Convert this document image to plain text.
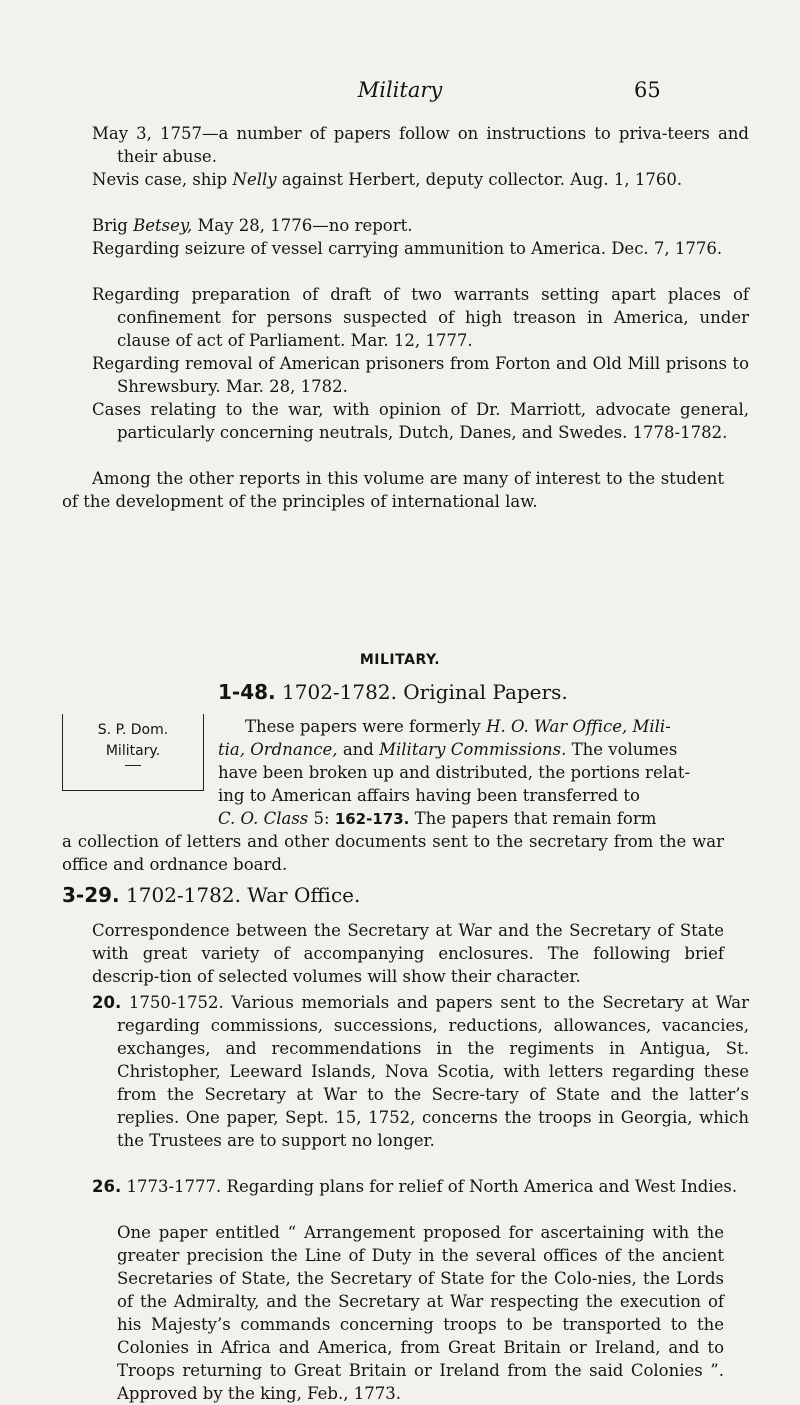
Military	65
May 3, 1757—a number of papers follow on instructions to priva-teers and their abuse.
Nevis case, ship Nelly against Herbert, deputy collector. Aug. 1, 1760.
Brig Betsey, May 28, 1776—no report.
Regarding seizure of vessel carrying ammunition to America. Dec. 7, 1776.
Regarding preparation of draft of two warrants setting apart places of confinement for persons suspected of high treason in America, under clause of act of Parliament. Mar. 12, 1777.
Regarding removal of American prisoners from Forton and Old Mill prisons to Shrewsbury. Mar. 28, 1782.
Cases relating to the war, with opinion of Dr. Marriott, advocate general, particularly concerning neutrals, Dutch, Danes, and Swedes. 1778-1782.
Among the other reports in this volume are many of interest to the student of the development of the principles of international law.
MILITARY.
1-48. 1702-1782. Original Papers.
S. P. Dom.
Military.
These papers were formerly H. O. War Office, Mili-
tia, Ordnance, and Military Commissions. The volumes
have been broken up and distributed, the portions relat-
ing to American affairs having been transferred to
C. O. Class 5: 162-173. The papers that remain form
a collection of letters and other documents sent to the secretary from the war office and ordnance board.
3-29. 1702-1782. War Office.
Correspondence between the Secretary at War and the Secretary of State with great variety of accompanying enclosures. The following brief descrip-tion of selected volumes will show their character.
20. 1750-1752. Various memorials and papers sent to the Secretary at War regarding commissions, successions, reductions, allowances, vacancies, exchanges, and recommendations in the regiments in Antigua, St. Christopher, Leeward Islands, Nova Scotia, with letters regarding these from the Secretary at War to the Secre-tary of State and the latter’s replies. One paper, Sept. 15, 1752, concerns the troops in Georgia, which the Trustees are to support no longer.
26. 1773-1777. Regarding plans for relief of North America and West Indies.
One paper entitled “ Arrangement proposed for ascertaining with the greater precision the Line of Duty in the several offices of the ancient Secretaries of State, the Secretary of State for the Colo-nies, the Lords of the Admiralty, and the Secretary at War respecting the execution of his Majesty’s commands concerning troops to be transported to the Colonies in Africa and America, from Great Britain or Ireland, and to Troops returning to Great Britain or Ireland from the said Colonies ”. Approved by the king, Feb., 1773.
